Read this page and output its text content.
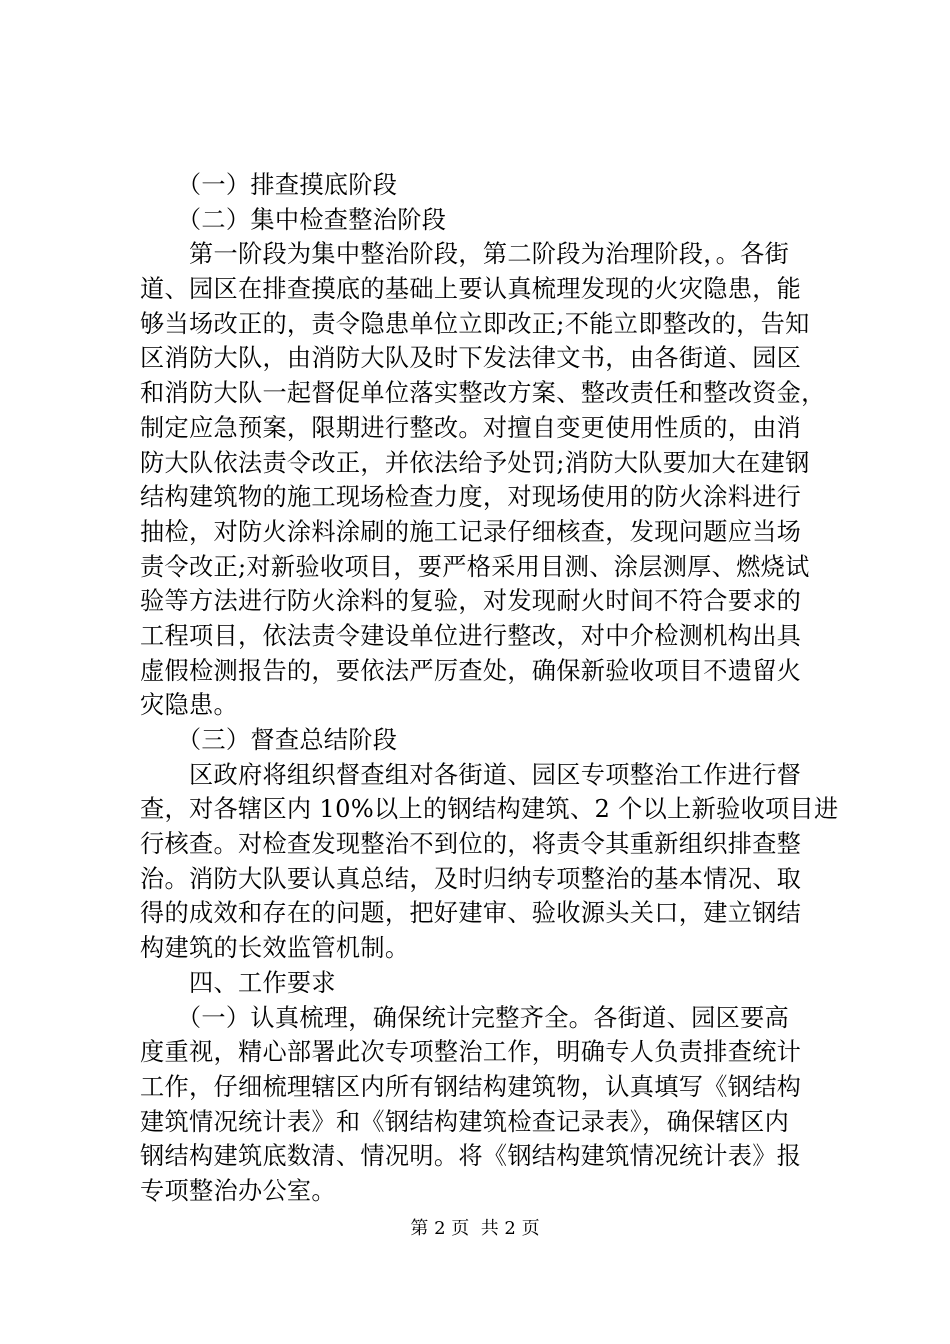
　　（一）排查摸底阶段
　　（二）集中检查整治阶段
　　第一阶段为集中整治阶段，第二阶段为治理阶段，。各街
道、园区在排查摸底的基础上要认真梳理发现的火灾隐患，能
够当场改正的，责令隐患单位立即改正;不能立即整改的，告知
区消防大队，由消防大队及时下发法律文书，由各街道、园区
和消防大队一起督促单位落实整改方案、整改责任和整改资金，
制定应急预案，限期进行整改。对擅自变更使用性质的，由消
防大队依法责令改正，并依法给予处罚;消防大队要加大在建钢
结构建筑物的施工现场检查力度，对现场使用的防火涂料进行
抽检，对防火涂料涂刷的施工记录仔细核查，发现问题应当场
责令改正;对新验收项目，要严格采用目测、涂层测厚、燃烧试
验等方法进行防火涂料的复验，对发现耐火时间不符合要求的
工程项目，依法责令建设单位进行整改，对中介检测机构出具
虚假检测报告的，要依法严厉查处，确保新验收项目不遗留火
灾隐患。
　　（三）督查总结阶段
　　区政府将组织督查组对各街道、园区专项整治工作进行督
查，对各辖区内 10%以上的钢结构建筑、2 个以上新验收项目进
行核查。对检查发现整治不到位的，将责令其重新组织排查整
治。消防大队要认真总结，及时归纳专项整治的基本情况、取
得的成效和存在的问题，把好建审、验收源头关口，建立钢结
构建筑的长效监管机制。
　　四、工作要求
　　（一）认真梳理，确保统计完整齐全。各街道、园区要高
度重视，精心部署此次专项整治工作，明确专人负责排查统计
工作，仔细梳理辖区内所有钢结构建筑物，认真填写《钢结构
建筑情况统计表》和《钢结构建筑检查记录表》，确保辖区内
钢结构建筑底数清、情况明。将《钢结构建筑情况统计表》报
专项整治办公室。
第 2 页  共 2 页
